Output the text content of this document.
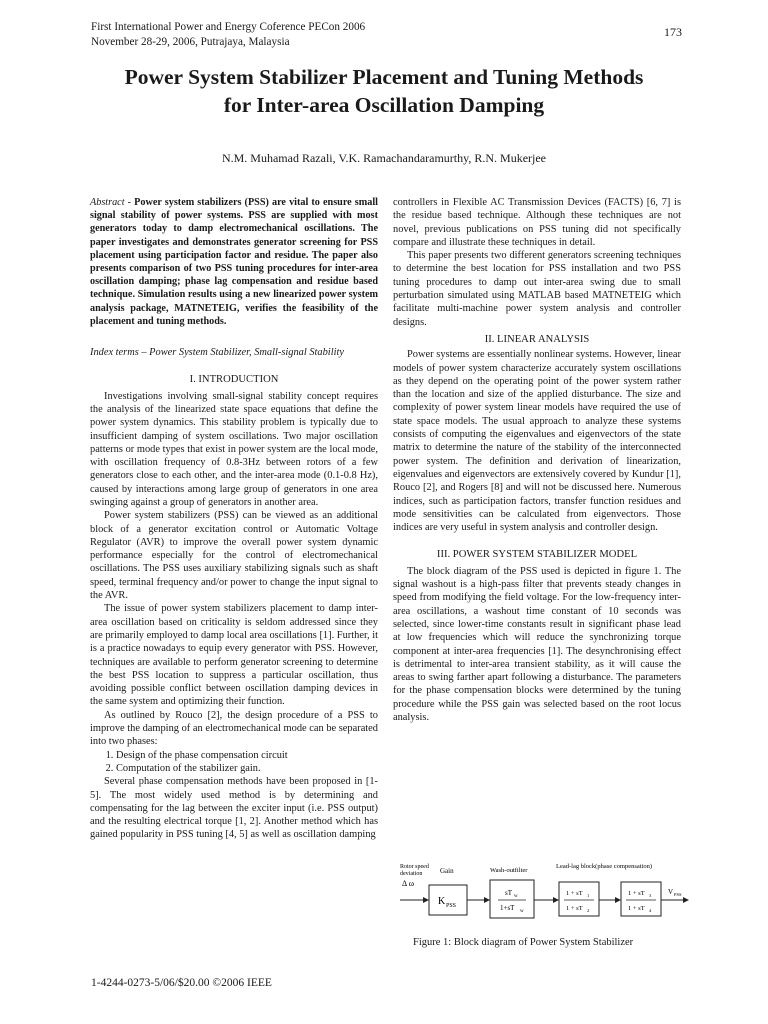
First International Power and Energy Coference PECon 2006
November 28-29, 2006, Putrajaya, Malaysia
173
Power System Stabilizer Placement and Tuning Methods
for Inter-area Oscillation Damping
N.M. Muhamad Razali, V.K. Ramachandaramurthy, R.N. Mukerjee

Abstract - Power system stabilizers (PSS) are vital to ensure small signal stability of power systems. PSS are supplied with most generators today to damp electromechanical oscillations. The paper investigates and demonstrates generator screening for PSS placement using participation factor and residue. The paper also presents comparison of two PSS tuning procedures for inter-area oscillation damping; phase lag compensation and residue based technique. Simulation results using a new linearized power system analysis package, MATNETEIG, verifies the feasibility of the placement and tuning methods.

Index terms – Power System Stabilizer, Small-signal Stability

I. INTRODUCTION

Investigations involving small-signal stability concept requires the analysis of the linearized state space equations that define the power system dynamics. This stability problem is typically due to insufficient damping of system oscillations. Two major oscillation patterns or mode types that exist in power system are the local mode, with oscillation frequency of 0.8-3Hz between rotors of a few generators close to each other, and the inter-area mode (0.1-0.8 Hz), caused by interactions among large group of generators in one area swinging against a group of generators in another area.

Power system stabilizers (PSS) can be viewed as an additional block of a generator excitation control or Automatic Voltage Regulator (AVR) to improve the overall power system dynamic performance especially for the control of electromechanical oscillations. The PSS uses auxiliary stabilizing signals such as shaft speed, terminal frequency and/or power to change the input signal to the AVR.

The issue of power system stabilizers placement to damp inter-area oscillation based on criticality is seldom addressed since they are primarily employed to damp local area oscillations [1]. Further, it is a practice nowadays to equip every generator with PSS. However, techniques are available to perform generator screening to determine the best PSS location to suppress a particular oscillation, thus avoiding possible conflict between oscillation damping devices in the same system and optimizing their function.

As outlined by Rouco [2], the design procedure of a PSS to improve the damping of an electromechanical mode can be separated into two phases:

1. Design of the phase compensation circuit
2. Computation of the stabilizer gain.

Several phase compensation methods have been proposed in [1-5]. The most widely used method is by determining and compensating for the lag between the exciter input (i.e. PSS output) and the resulting electrical torque [1, 2]. Another method which has gained popularity in PSS tuning [4, 5] as well as oscillation damping

controllers in Flexible AC Transmission Devices (FACTS) [6, 7] is the residue based technique. Although these techniques are not novel, previous publications on PSS tuning did not specifically compare and illustrate these techniques in detail.

This paper presents two different generators screening techniques to determine the best location for PSS installation and two PSS tuning procedures to damp out inter-area swing due to small perturbation simulated using MATLAB based MATNETEIG which facilitate multi-machine power system analysis and controller designs.

II. LINEAR ANALYSIS

Power systems are essentially nonlinear systems. However, linear models of power system characterize accurately system oscillations as they depend on the operating point of the power system rather than the location and size of the applied disturbance. The size and complexity of power system linear models have required the use of state space models. The usual approach to analyze these systems consists of computing the eigenvalues and eigenvectors of the state matrix to determine the nature of the stability of the interconnected power system. The definition and derivation of linearization, eigenvalues and eigenvectors are extensively covered by Kundur [1], Rouco [2], and Rogers [8] and will not be discussed here. Numerous indices, such as participation factors, transfer function residues and mode sensitivities can be calculated from eigenvectors. Those indices are very useful in system analysis and controller design.

III. POWER SYSTEM STABILIZER MODEL

The block diagram of the PSS used is depicted in figure 1. The signal washout is a high-pass filter that prevents steady changes in speed from modifying the field voltage. For the low-frequency inter-area oscillations, a washout time constant of 10 seconds was selected, since lower-time constants result in significant phase lead at low frequencies which will reduce the synchronizing torque component at inter-area frequencies [1]. The desynchronising effect is detrimental to inter-area transient stability, as it will cause the areas to swing farther apart following a disturbance. The parameters for the phase compensation blocks were determined by the tuning procedure while the PSS gain was selected based on the root locus analysis.

Rotor speed
deviation
Δ ω
Gain	Wash-outfilter
Lead-lag block(phase compensation)
K PSS
sT w
1+sT w
1 + sT 1
1 + sT 2
1 + sT 3
1 + sT 4
V PSS
Figure 1: Block diagram of Power System Stabilizer
1-4244-0273-5/06/$20.00 ©2006 IEEE
